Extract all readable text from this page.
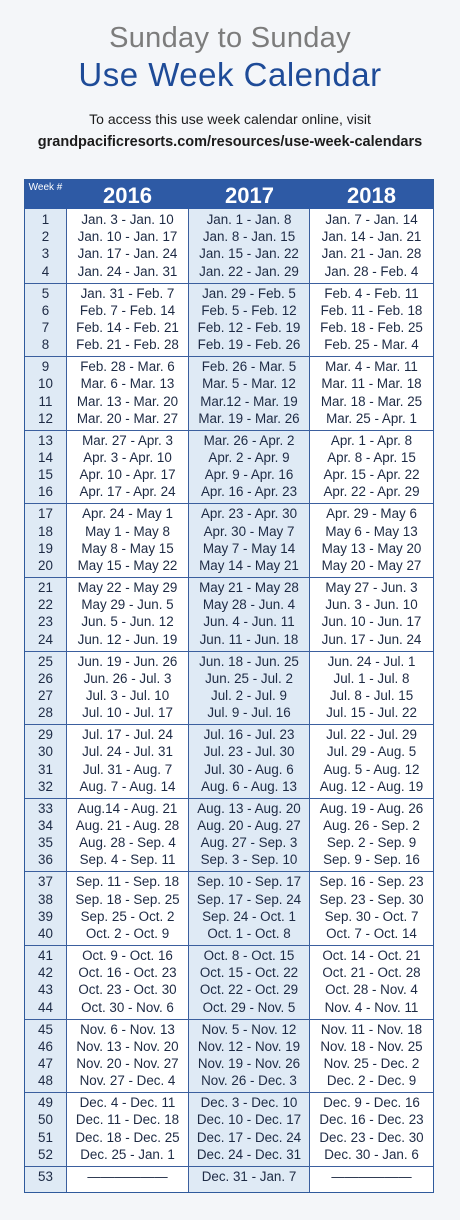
Sunday to Sunday
Use Week Calendar
To access this use week calendar online, visit
grandpacificresorts.com/resources/use-week-calendars
Week #	2016	2017	2018
1	Jan. 3 - Jan. 10	Jan. 1 - Jan. 8	Jan. 7 - Jan. 14
2	Jan. 10 - Jan. 17	Jan. 8 - Jan. 15	Jan. 14 - Jan. 21
3	Jan. 17 - Jan. 24	Jan. 15 - Jan. 22	Jan. 21 - Jan. 28
4	Jan. 24 - Jan. 31	Jan. 22 - Jan. 29	Jan. 28 - Feb. 4
5	Jan. 31 - Feb. 7	Jan. 29 - Feb. 5	Feb. 4 - Feb. 11
6	Feb. 7 - Feb. 14	Feb. 5 - Feb. 12	Feb. 11 - Feb. 18
7	Feb. 14 - Feb. 21	Feb. 12 - Feb. 19	Feb. 18 - Feb. 25
8	Feb. 21 - Feb. 28	Feb. 19 - Feb. 26	Feb. 25 - Mar. 4
9	Feb. 28 - Mar. 6	Feb. 26 - Mar. 5	Mar. 4 - Mar. 11
10	Mar. 6 - Mar. 13	Mar. 5 - Mar. 12	Mar. 11 - Mar. 18
11	Mar. 13 - Mar. 20	Mar.12 - Mar. 19	Mar. 18 - Mar. 25
12	Mar. 20 - Mar. 27	Mar. 19 - Mar. 26	Mar. 25 - Apr. 1
13	Mar. 27 - Apr. 3	Mar. 26 - Apr. 2	Apr. 1 - Apr. 8
14	Apr. 3 - Apr. 10	Apr. 2 - Apr. 9	Apr. 8 - Apr. 15
15	Apr. 10 - Apr. 17	Apr. 9 - Apr. 16	Apr. 15 - Apr. 22
16	Apr. 17 - Apr. 24	Apr. 16 - Apr. 23	Apr. 22 - Apr. 29
17	Apr. 24 - May 1	Apr. 23 - Apr. 30	Apr. 29 - May 6
18	May 1 - May 8	Apr. 30 - May 7	May 6 - May 13
19	May 8 - May 15	May 7 - May 14	May 13 - May 20
20	May 15 - May 22	May 14 - May 21	May 20 - May 27
21	May 22 - May 29	May 21 - May 28	May 27 - Jun. 3
22	May 29 - Jun. 5	May 28 - Jun. 4	Jun. 3 - Jun. 10
23	Jun. 5 - Jun. 12	Jun. 4 - Jun. 11	Jun. 10 - Jun. 17
24	Jun. 12 - Jun. 19	Jun. 11 - Jun. 18	Jun. 17 - Jun. 24
25	Jun. 19 - Jun. 26	Jun. 18 - Jun. 25	Jun. 24 - Jul. 1
26	Jun. 26 - Jul. 3	Jun. 25 - Jul. 2	Jul. 1 - Jul. 8
27	Jul. 3 - Jul. 10	Jul. 2 - Jul. 9	Jul. 8 - Jul. 15
28	Jul. 10 - Jul. 17	Jul. 9 - Jul. 16	Jul. 15 - Jul. 22
29	Jul. 17 - Jul. 24	Jul. 16 - Jul. 23	Jul. 22 - Jul. 29
30	Jul. 24 - Jul. 31	Jul. 23 - Jul. 30	Jul. 29 - Aug. 5
31	Jul. 31 - Aug. 7	Jul. 30 - Aug. 6	Aug. 5 - Aug. 12
32	Aug. 7 - Aug. 14	Aug. 6 - Aug. 13	Aug. 12 - Aug. 19
33	Aug.14 - Aug. 21	Aug. 13 - Aug. 20	Aug. 19 - Aug. 26
34	Aug. 21 - Aug. 28	Aug. 20 - Aug. 27	Aug. 26 - Sep. 2
35	Aug. 28 - Sep. 4	Aug. 27 - Sep. 3	Sep. 2 - Sep. 9
36	Sep. 4 - Sep. 11	Sep. 3 - Sep. 10	Sep. 9 - Sep. 16
37	Sep. 11 - Sep. 18	Sep. 10 - Sep. 17	Sep. 16 - Sep. 23
38	Sep. 18 - Sep. 25	Sep. 17 - Sep. 24	Sep. 23 - Sep. 30
39	Sep. 25 - Oct. 2	Sep. 24 - Oct. 1	Sep. 30 - Oct. 7
40	Oct. 2 - Oct. 9	Oct. 1 - Oct. 8	Oct. 7 - Oct. 14
41	Oct. 9 - Oct. 16	Oct. 8 - Oct. 15	Oct. 14 - Oct. 21
42	Oct. 16 - Oct. 23	Oct. 15 - Oct. 22	Oct. 21 - Oct. 28
43	Oct. 23 - Oct. 30	Oct. 22 - Oct. 29	Oct. 28 - Nov. 4
44	Oct. 30 - Nov. 6	Oct. 29 - Nov. 5	Nov. 4 - Nov. 11
45	Nov. 6 - Nov. 13	Nov. 5 - Nov. 12	Nov. 11 - Nov. 18
46	Nov. 13 - Nov. 20	Nov. 12 - Nov. 19	Nov. 18 - Nov. 25
47	Nov. 20 - Nov. 27	Nov. 19 - Nov. 26	Nov. 25 - Dec. 2
48	Nov. 27 - Dec. 4	Nov. 26 - Dec. 3	Dec. 2 - Dec. 9
49	Dec. 4 - Dec. 11	Dec. 3 - Dec. 10	Dec. 9 - Dec. 16
50	Dec. 11 - Dec. 18	Dec. 10 - Dec. 17	Dec. 16 - Dec. 23
51	Dec. 18 - Dec. 25	Dec. 17 - Dec. 24	Dec. 23 - Dec. 30
52	Dec. 25 - Jan. 1	Dec. 24 - Dec. 31	Dec. 30 - Jan. 6
53	——————	Dec. 31 - Jan. 7	——————
